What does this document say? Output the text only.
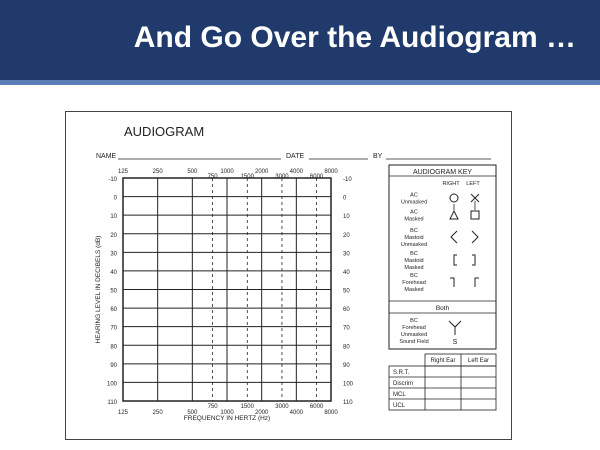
And Go Over the Audiogram …
AUDIOGRAM
NAME	DATE	BY
-10	-10
0	0
10	10
20	20
30	30
40	40
50	50
60	60
70	70
80	80
90	90
100	100
110	110
125
125
250
250
500
500
750
750
1000
1000
1500
1500
2000
2000
3000
3000
4000
4000
6000
6000
8000
8000
FREQUENCY IN HERTZ (Hz)
HEARING LEVEL IN DECIBELS (dB)
AUDIOGRAM KEY
RIGHT LEFT
AC
Unmasked
AC
Masked
BC
Mastoid
Unmasked
BC
Mastoid
Masked
BC
Forehead
Masked
Both
BC
Forehead
Unmasked
Sound Field	S
Right Ear Left Ear
S.R.T.
Discrim
MCL
UCL
